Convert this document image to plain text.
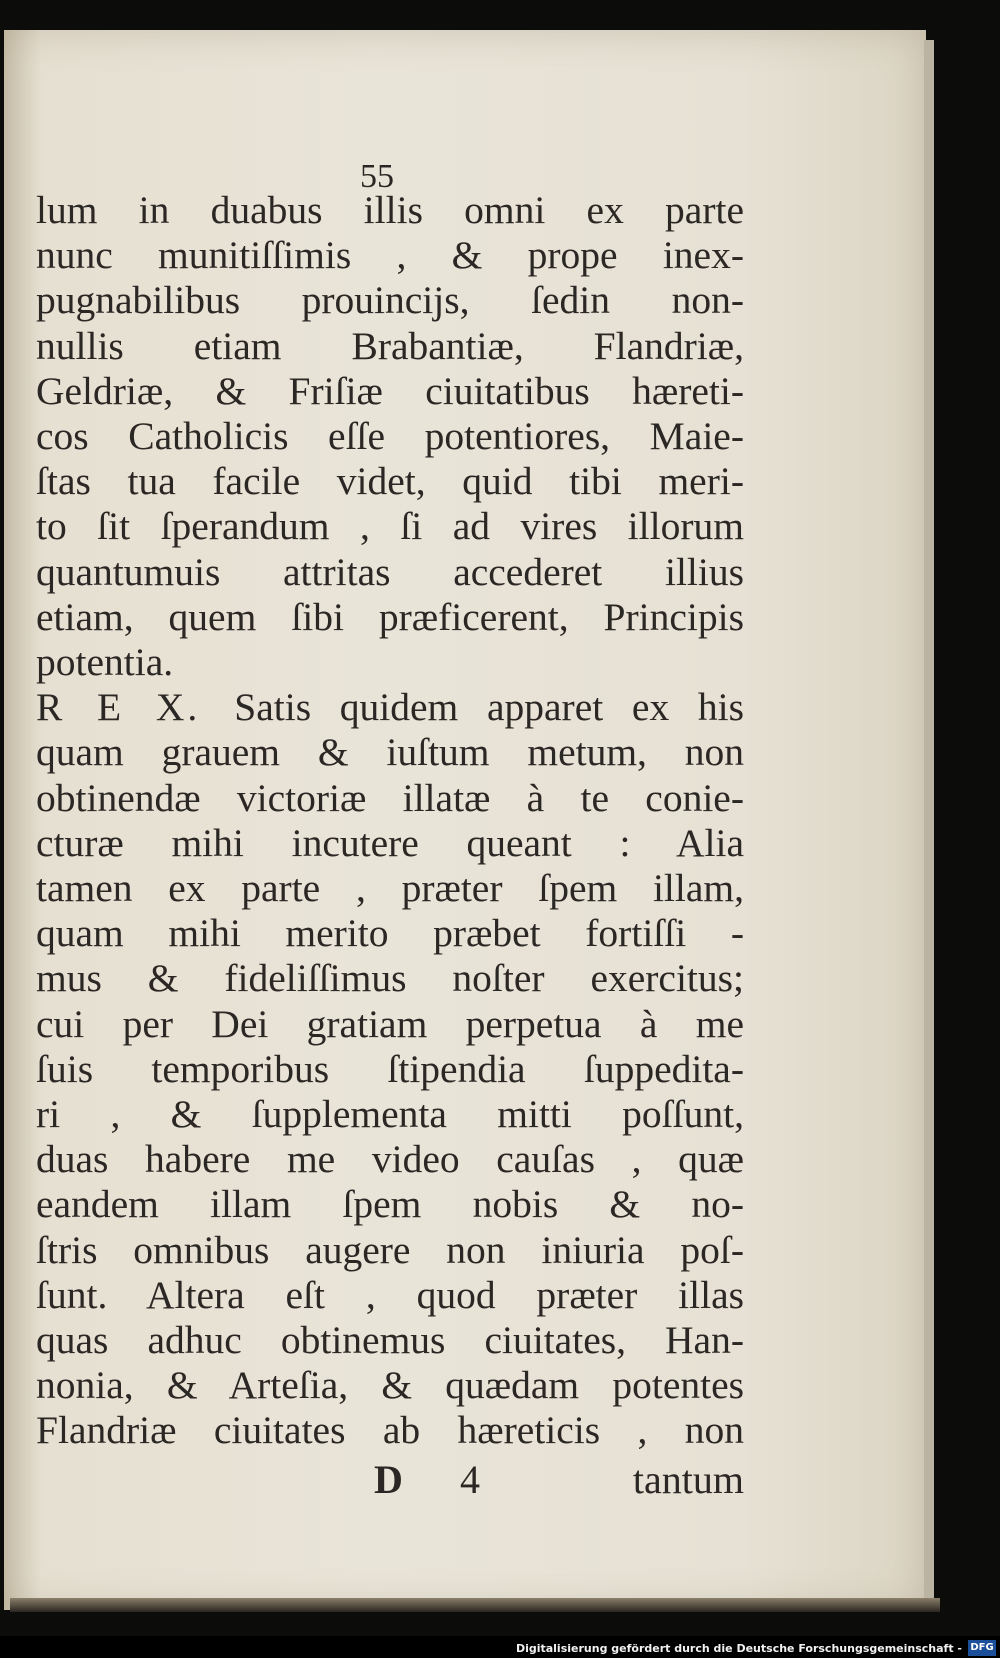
55

lum in duabus illis omni ex parte
nunc munitiſſimis , & prope inex-
pugnabilibus prouincijs, ſedin non-
nullis etiam Brabantiæ, Flandriæ,
Geldriæ, & Friſiæ ciuitatibus hæreti-
cos Catholicis eſſe potentiores, Maie-
ſtas tua facile videt, quid tibi meri-
to ſit ſperandum , ſi ad vires illorum
quantumuis attritas accederet illius
etiam, quem ſibi præficerent, Principis
potentia.
R E X. Satis quidem apparet ex his
quam grauem & iuſtum metum, non
obtinendæ victoriæ illatæ à te conie-
cturæ mihi incutere queant : Alia
tamen ex parte , præter ſpem illam,
quam mihi merito præbet fortiſſi -
mus & fideliſſimus noſter exercitus;
cui per Dei gratiam perpetua à me
ſuis temporibus ſtipendia ſuppedita-
ri , & ſupplementa mitti poſſunt,
duas habere me video cauſas , quæ
eandem illam ſpem nobis & no-
ſtris omnibus augere non iniuria poſ-
ſunt. Altera eſt , quod præter illas
quas adhuc obtinemus ciuitates, Han-
nonia, & Arteſia, & quædam potentes
Flandriæ ciuitates ab hæreticis , non
D 4	tantum
Digitalisierung gefördert durch die Deutsche Forschungsgemeinschaft - DFG
